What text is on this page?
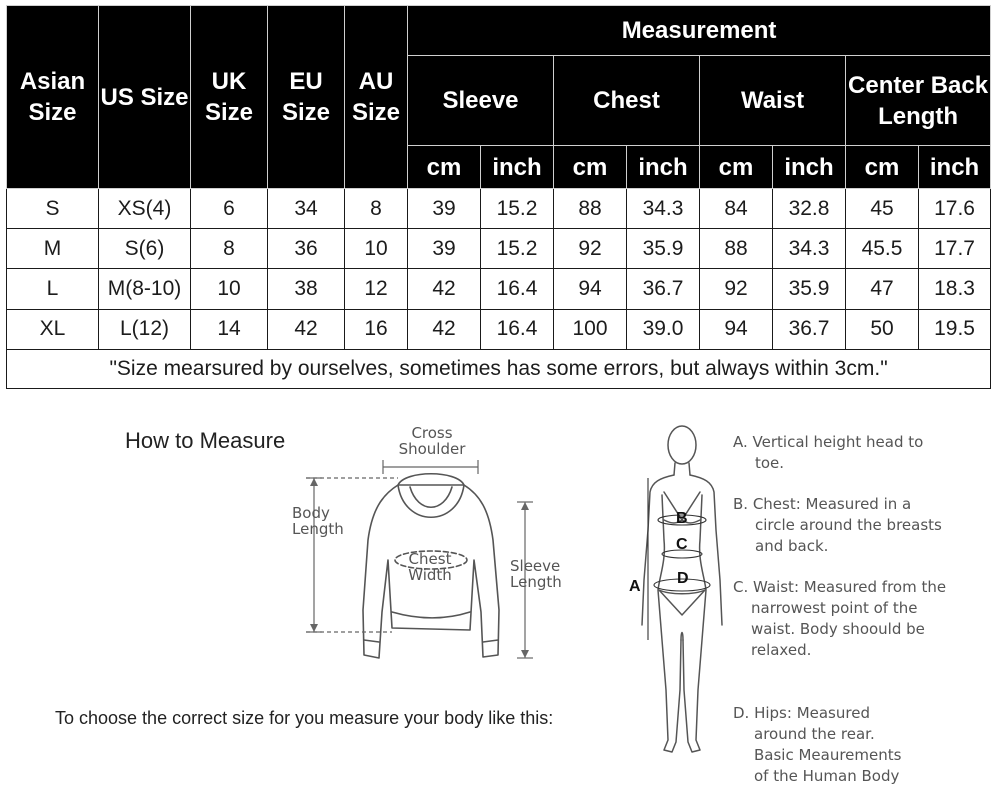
Asian Size	US Size	UK Size	EU Size	AU Size	Measurement							
					Sleeve		Chest		Waist		Center Back Length	
					cm	inch	cm	inch	cm	inch	cm	inch
S	XS(4)	6	34	8	39	15.2	88	34.3	84	32.8	45	17.6
M	S(6)	8	36	10	39	15.2	92	35.9	88	34.3	45.5	17.7
L	M(8-10)	10	38	12	42	16.4	94	36.7	92	35.9	47	18.3
XL	L(12)	14	42	16	42	16.4	100	39.0	94	36.7	50	19.5
"Size mearsured by ourselves, sometimes has some errors, but always within 3cm."												
How to Measure
To choose the correct size for you measure your body like this:
Cross Shoulder
Body Length
Chest Width	Sleeve Length
B
C
D
A
A. Vertical height head to toe.
B. Chest: Measured in a circle around the breasts and back.
C. Waist: Measured from the narrowest point of the waist. Body shoould be relaxed.
D. Hips: Measured
around the rear.
Basic Meaurements
of the Human Body
